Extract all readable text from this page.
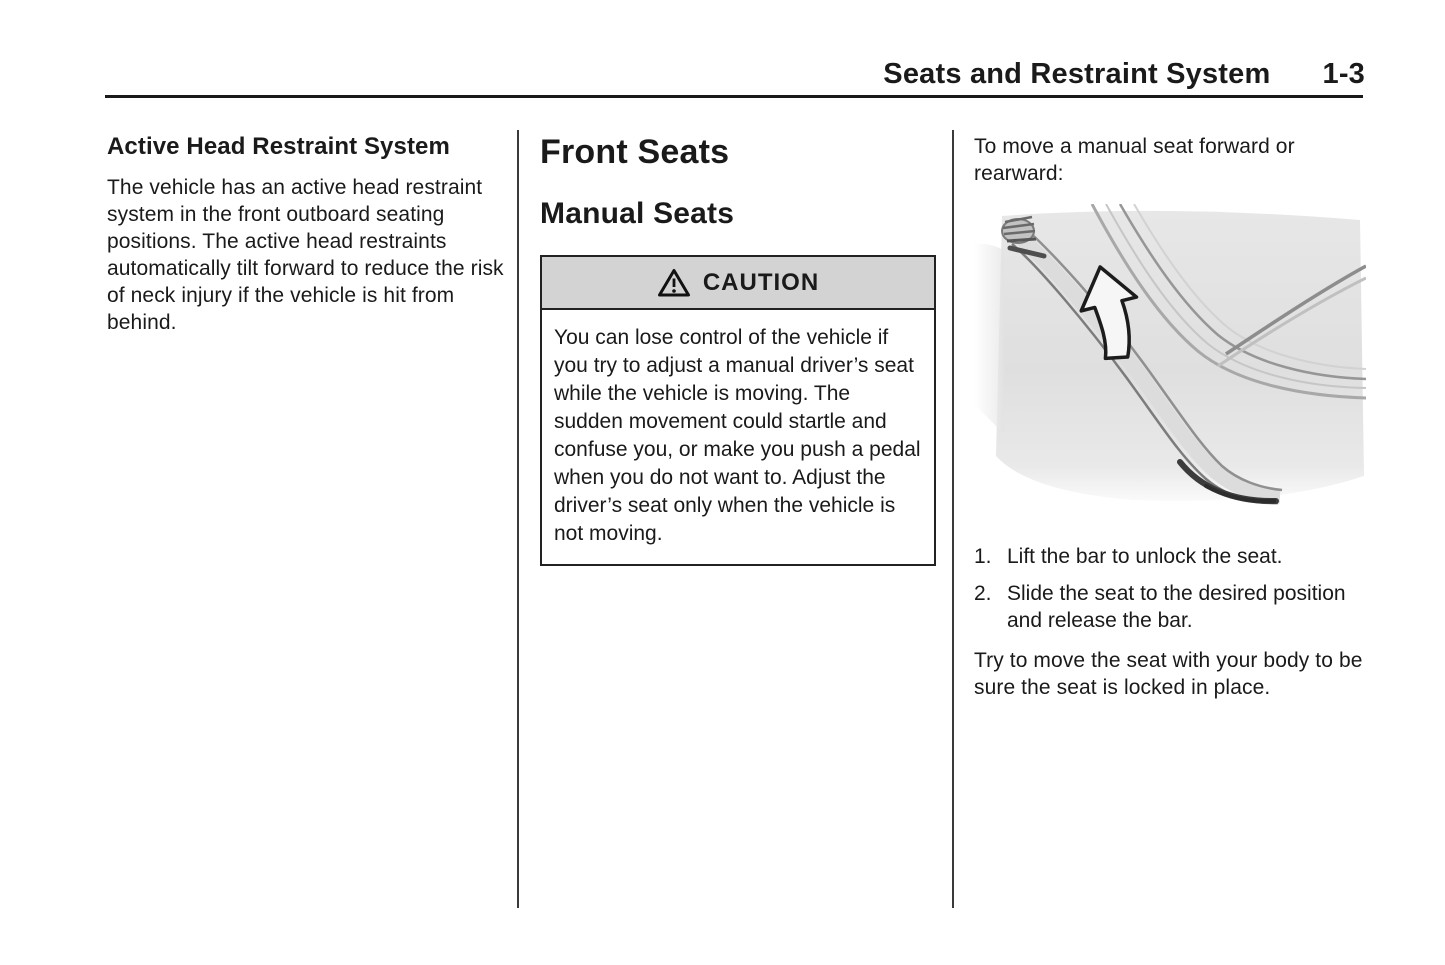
Seats and Restraint System 1-3
Active Head Restraint System

The vehicle has an active head restraint system in the front outboard seating positions. The active head restraints automatically tilt forward to reduce the risk of neck injury if the vehicle is hit from behind.

Front Seats
Manual Seats
CAUTION
You can lose control of the vehicle if you try to adjust a manual driver’s seat while the vehicle is moving. The sudden movement could startle and confuse you, or make you push a pedal when you do not want to. Adjust the driver’s seat only when the vehicle is not moving.

To move a manual seat forward or rearward:

1. Lift the bar to unlock the seat.
2. Slide the seat to the desired position and release the bar.

Try to move the seat with your body to be sure the seat is locked in place.
